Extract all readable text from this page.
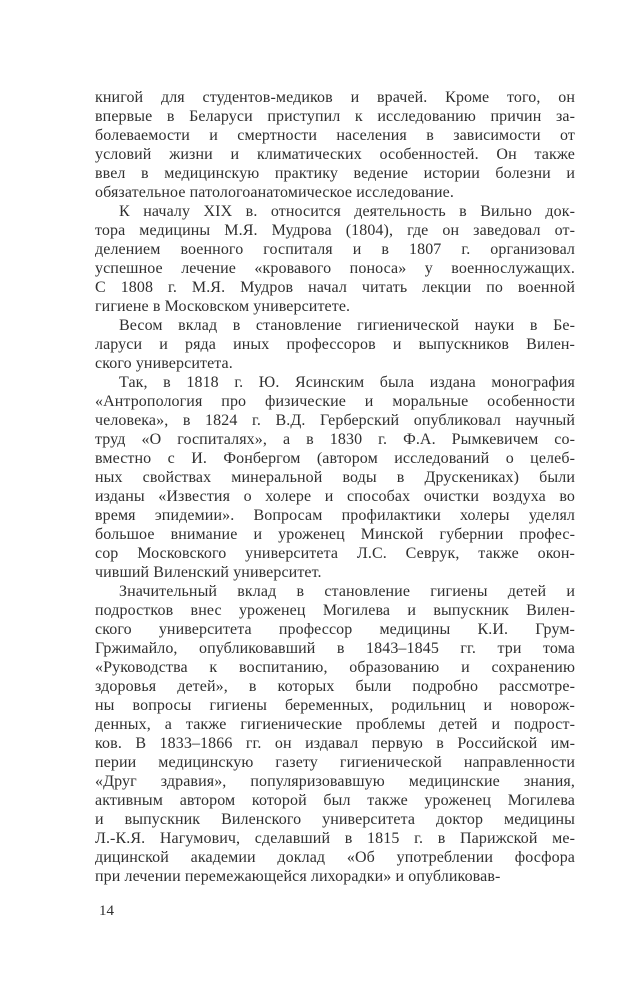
книгой для студентов-медиков и врачей. Кроме того, он
впервые в Беларуси приступил к исследованию причин за-
болеваемости и смертности населения в зависимости от
условий жизни и климатических особенностей. Он также
ввел в медицинскую практику ведение истории болезни и
обязательное патологоанатомическое исследование.
К началу XIX в. относится деятельность в Вильно док-
тора медицины М.Я. Мудрова (1804), где он заведовал от-
делением военного госпиталя и в 1807 г. организовал
успешное лечение «кровавого поноса» у военнослужащих.
С 1808 г. М.Я. Мудров начал читать лекции по военной
гигиене в Московском университете.
Весом вклад в становление гигиенической науки в Бе-
ларуси и ряда иных профессоров и выпускников Вилен-
ского университета.
Так, в 1818 г. Ю. Ясинским была издана монография
«Антропология про физические и моральные особенности
человека», в 1824 г. В.Д. Герберский опубликовал научный
труд «О госпиталях», а в 1830 г. Ф.А. Рымкевичем со-
вместно с И. Фонбергом (автором исследований о целеб-
ных свойствах минеральной воды в Друскениках) были
изданы «Известия о холере и способах очистки воздуха во
время эпидемии». Вопросам профилактики холеры уделял
большое внимание и уроженец Минской губернии профес-
сор Московского университета Л.С. Севрук, также окон-
чивший Виленский университет.
Значительный вклад в становление гигиены детей и
подростков внес уроженец Могилева и выпускник Вилен-
ского университета профессор медицины К.И. Грум-
Гржимайло, опубликовавший в 1843–1845 гг. три тома
«Руководства к воспитанию, образованию и сохранению
здоровья детей», в которых были подробно рассмотре-
ны вопросы гигиены беременных, родильниц и новорож-
денных, а также гигиенические проблемы детей и подрост-
ков. В 1833–1866 гг. он издавал первую в Российской им-
перии медицинскую газету гигиенической направленности
«Друг здравия», популяризовавшую медицинские знания,
активным автором которой был также уроженец Могилева
и выпускник Виленского университета доктор медицины
Л.-К.Я. Нагумович, сделавший в 1815 г. в Парижской ме-
дицинской академии доклад «Об употреблении фосфора
при лечении перемежающейся лихорадки» и опубликовав-
14
